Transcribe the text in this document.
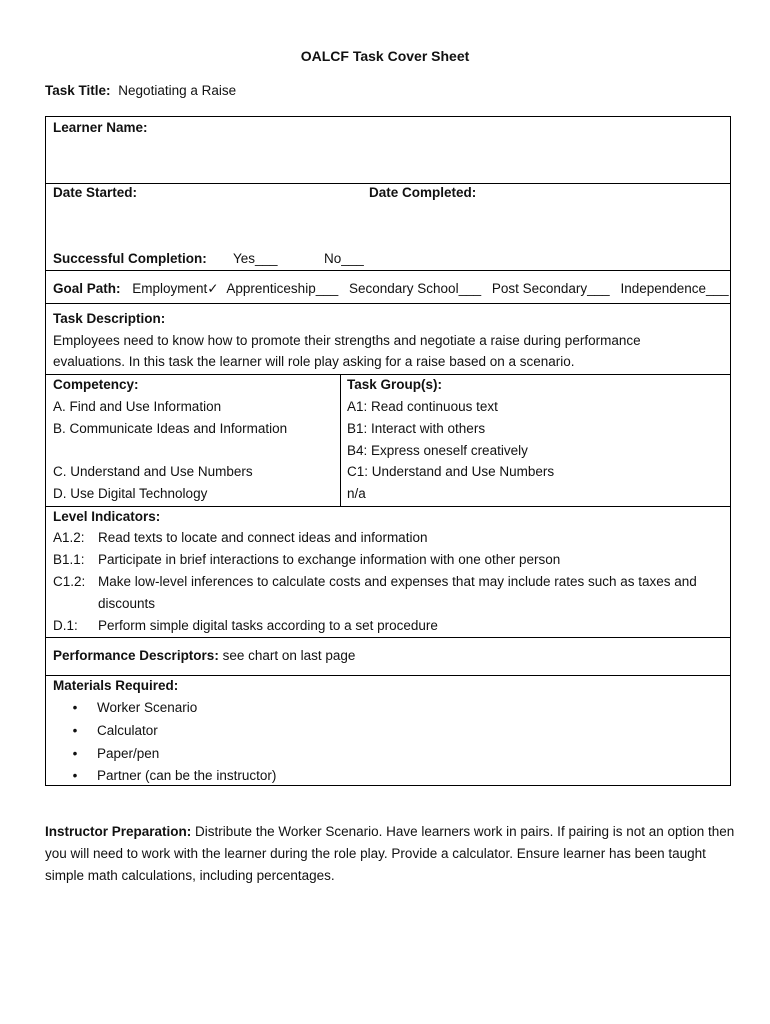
OALCF Task Cover Sheet
Task Title: Negotiating a Raise
Learner Name:
Date Started:	Date Completed:
Successful Completion: Yes___	No___
Goal Path: Employment✓ Apprenticeship___ Secondary School___ Post Secondary___ Independence___
Task Description:
Employees need to know how to promote their strengths and negotiate a raise during performance
evaluations. In this task the learner will role play asking for a raise based on a scenario.
Competency:
A. Find and Use Information
B. Communicate Ideas and Information
C. Understand and Use Numbers
D. Use Digital Technology
Task Group(s):
A1: Read continuous text
B1: Interact with others
B4: Express oneself creatively
C1: Understand and Use Numbers
n/a
Level Indicators:
A1.2: Read texts to locate and connect ideas and information
B1.1: Participate in brief interactions to exchange information with one other person
C1.2: Make low-level inferences to calculate costs and expenses that may include rates such as taxes and
discounts
D.1: Perform simple digital tasks according to a set procedure
Performance Descriptors: see chart on last page
Materials Required:
• Worker Scenario
• Calculator
• Paper/pen
• Partner (can be the instructor)
Instructor Preparation: Distribute the Worker Scenario. Have learners work in pairs. If pairing is not an option then you will need to work with the learner during the role play. Provide a calculator. Ensure learner has been taught simple math calculations, including percentages.
